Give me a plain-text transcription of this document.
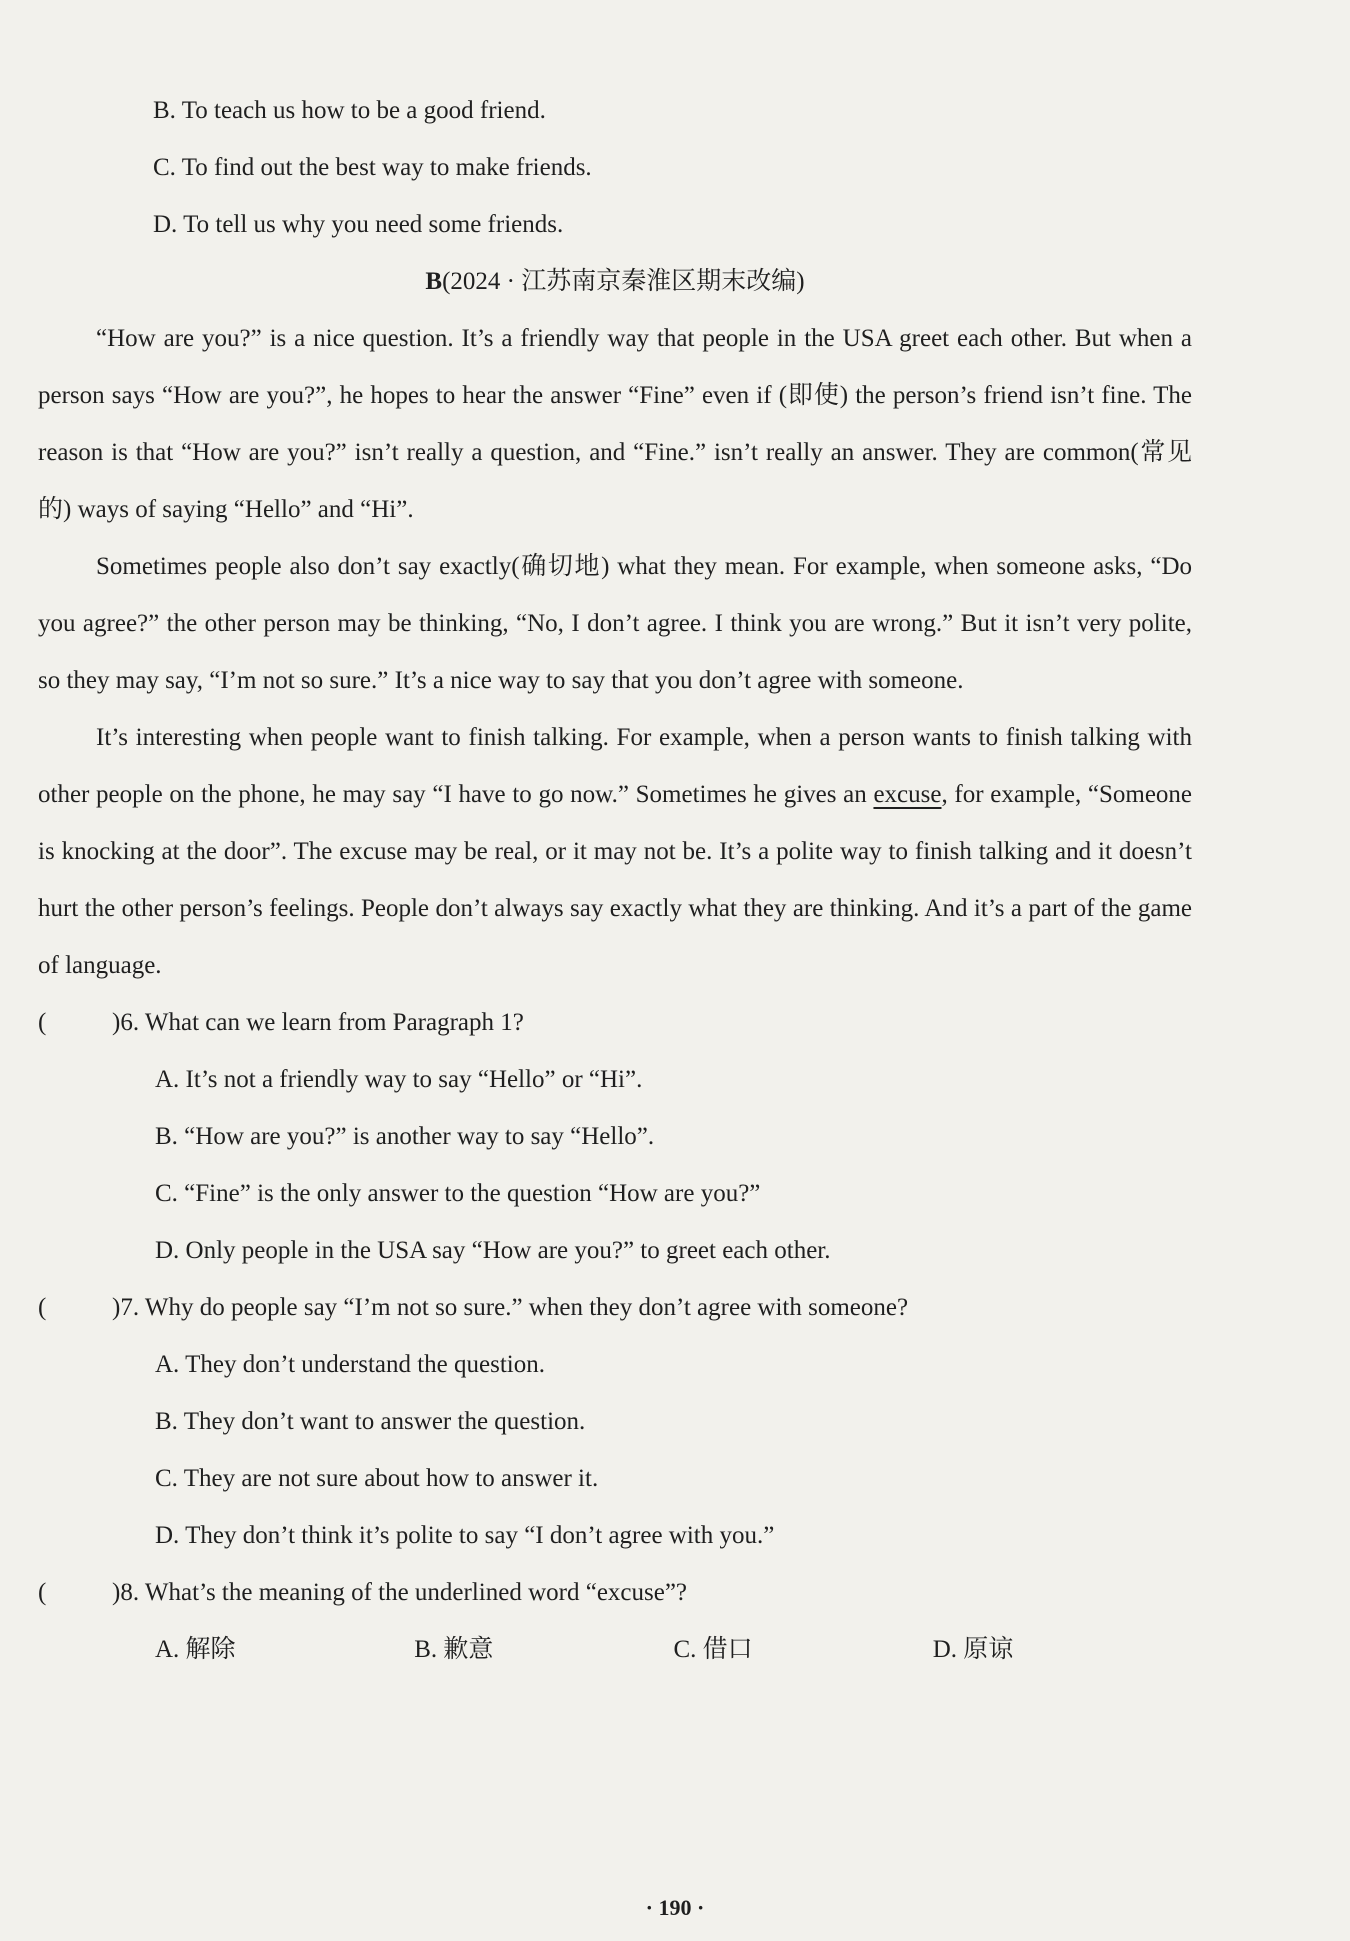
B. To teach us how to be a good friend.
C. To find out the best way to make friends.
D. To tell us why you need some friends.
B(2024 · 江苏南京秦淮区期末改编)
“How are you?” is a nice question. It’s a friendly way that people in the USA greet each other. But when a person says “How are you?”, he hopes to hear the answer “Fine” even if (即使) the person’s friend isn’t fine. The reason is that “How are you?” isn’t really a question, and “Fine.” isn’t really an answer. They are common(常见的) ways of saying “Hello” and “Hi”.
Sometimes people also don’t say exactly(确切地) what they mean. For example, when someone asks, “Do you agree?” the other person may be thinking, “No, I don’t agree. I think you are wrong.” But it isn’t very polite, so they may say, “I’m not so sure.” It’s a nice way to say that you don’t agree with someone.
It’s interesting when people want to finish talking. For example, when a person wants to finish talking with other people on the phone, he may say “I have to go now.” Sometimes he gives an excuse, for example, “Someone is knocking at the door”. The excuse may be real, or it may not be. It’s a polite way to finish talking and it doesn’t hurt the other person’s feelings. People don’t always say exactly what they are thinking. And it’s a part of the game of language.
(	)6. What can we learn from Paragraph 1?
A. It’s not a friendly way to say “Hello” or “Hi”.
B. “How are you?” is another way to say “Hello”.
C. “Fine” is the only answer to the question “How are you?”
D. Only people in the USA say “How are you?” to greet each other.
(	)7. Why do people say “I’m not so sure.” when they don’t agree with someone?
A. They don’t understand the question.
B. They don’t want to answer the question.
C. They are not sure about how to answer it.
D. They don’t think it’s polite to say “I don’t agree with you.”
(	)8. What’s the meaning of the underlined word “excuse”?
A. 解除	B. 歉意	C. 借口	D. 原谅
· 190 ·
